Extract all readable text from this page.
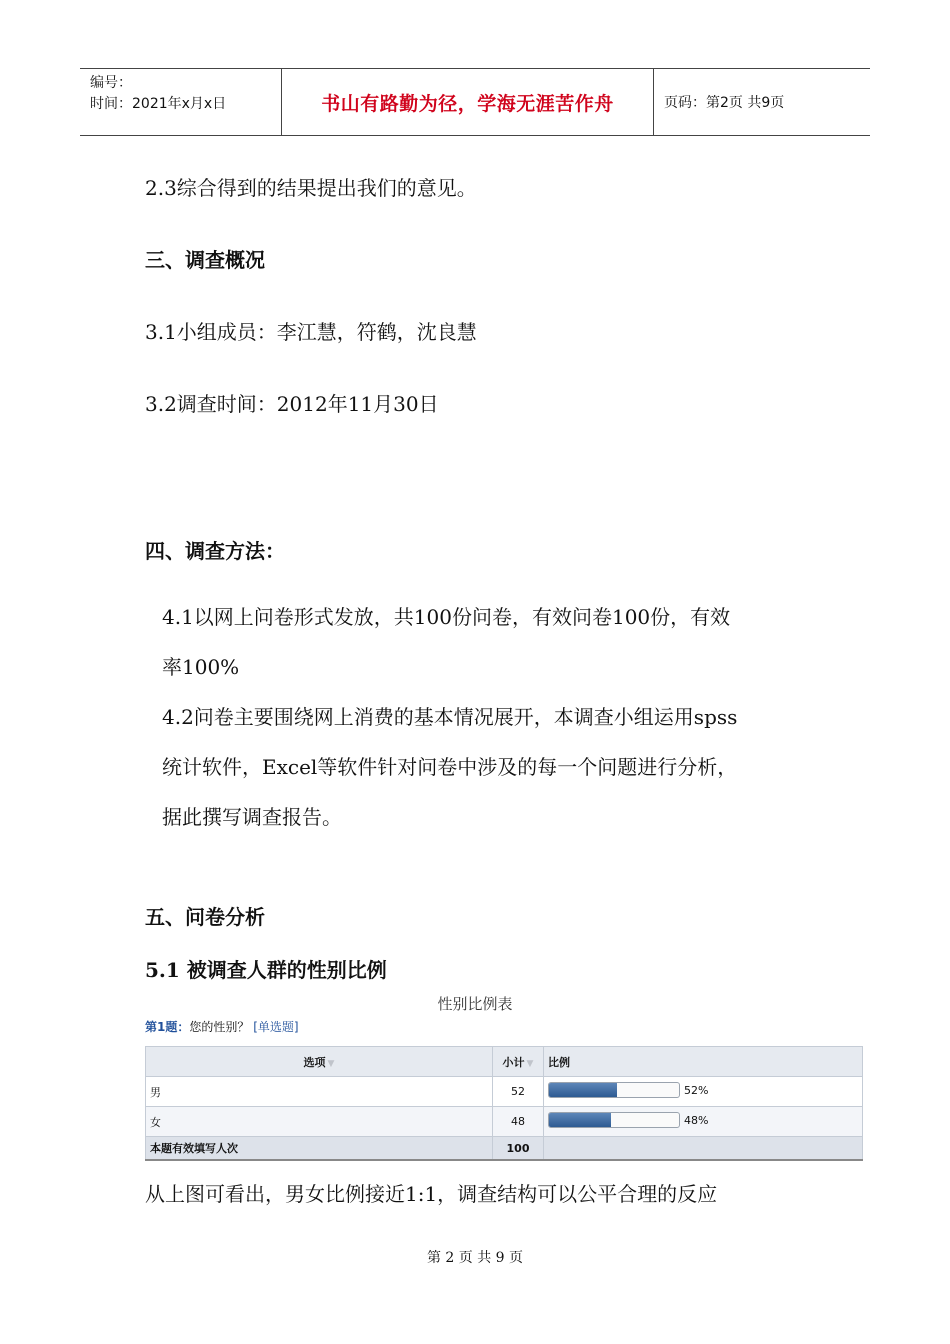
编号：
时间：2021年x月x日	书山有路勤为径，学海无涯苦作舟	页码：第2页 共9页
2.3综合得到的结果提出我们的意见。
三、调查概况
3.1小组成员：李江慧，符鹤，沈良慧
3.2调查时间：2012年11月30日
四、调查方法：
4.1以网上问卷形式发放，共100份问卷，有效问卷100份，有效
率100%
4.2问卷主要围绕网上消费的基本情况展开，本调查小组运用spss
统计软件，Excel等软件针对问卷中涉及的每一个问题进行分析，
据此撰写调查报告。
五、问卷分析
5.1 被调查人群的性别比例
性别比例表
第1题：您的性别？ [单选题]
选项 ▼	小计 ▼	比例
男	52	52%

女	48	48%

本题有效填写人次	100	
从上图可看出，男女比例接近1:1，调查结构可以公平合理的反应
第 2 页 共 9 页
